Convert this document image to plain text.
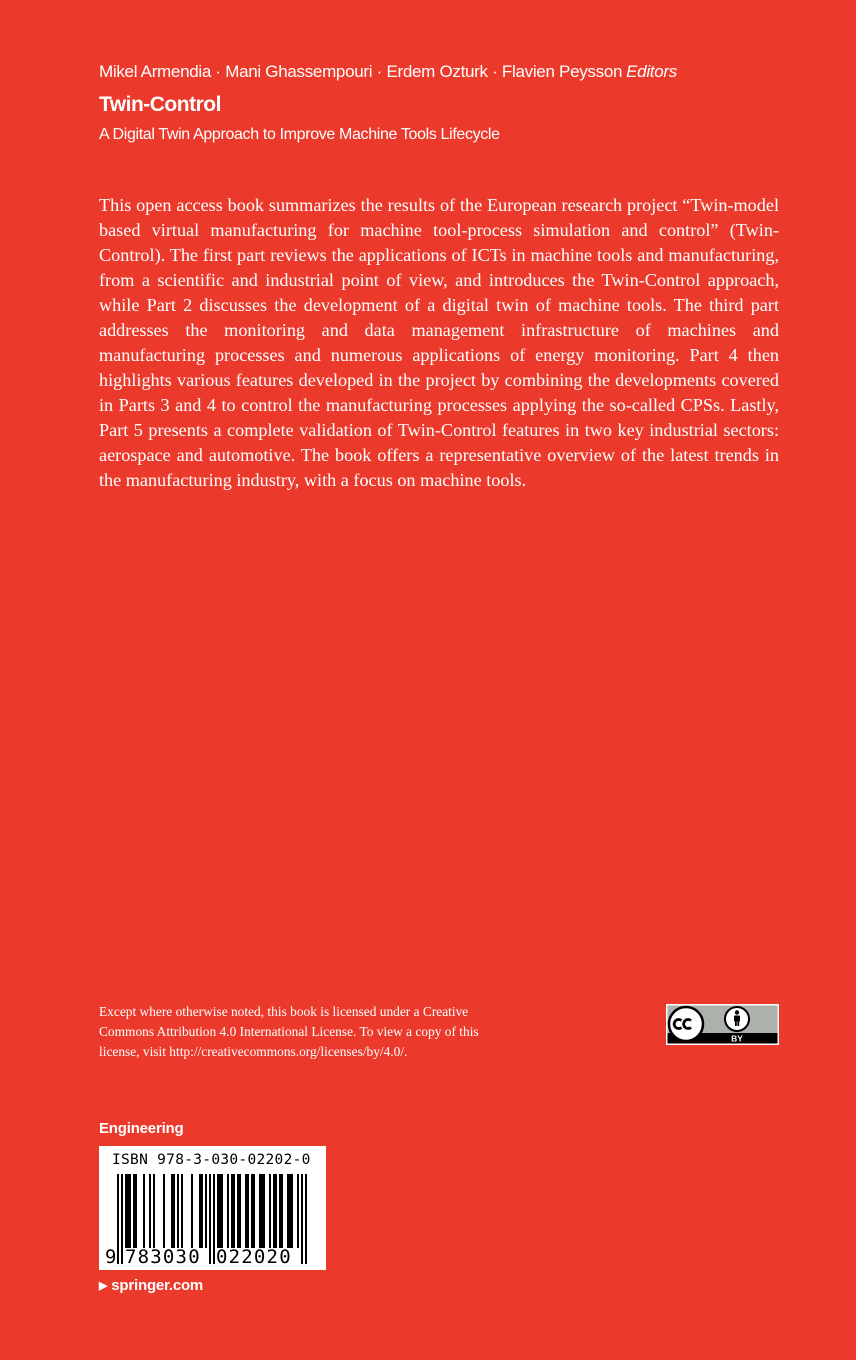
Mikel Armendia · Mani Ghassempouri · Erdem Ozturk · Flavien Peysson Editors
Twin-Control
A Digital Twin Approach to Improve Machine Tools Lifecycle

This open access book summarizes the results of the European research project “Twin-model based virtual manufacturing for machine tool-process simulation and control” (Twin-Control). The first part reviews the applications of ICTs in machine tools and manufacturing, from a scientific and industrial point of view, and introduces the Twin-Control approach, while Part 2 discusses the development of a digital twin of machine tools. The third part addresses the monitoring and data management infrastructure of machines and manufacturing processes and numerous applications of energy monitoring. Part 4 then highlights various features developed in the project by combining the developments covered in Parts 3 and 4 to control the manufacturing processes applying the so-called CPSs. Lastly, Part 5 presents a complete validation of Twin-Control features in two key industrial sectors: aerospace and automotive. The book offers a representative overview of the latest trends in the manufacturing industry, with a focus on machine tools.

Except where otherwise noted, this book is licensed under a Creative Commons Attribution 4.0 International License. To view a copy of this license, visit http://creativecommons.org/licenses/by/4.0/.

BY
Engineering
ISBN 978-3-030-02202-0
9 783030 022020
▶ springer.com
